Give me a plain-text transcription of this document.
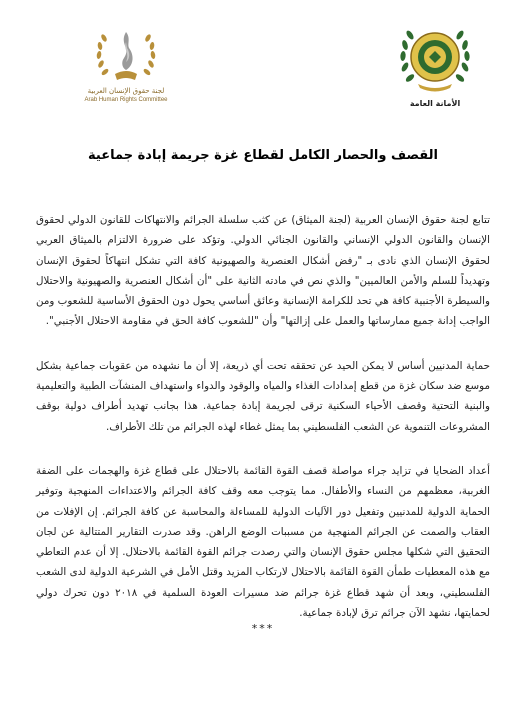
لجنة حقوق الإنسان العربية
Arab Human Rights Committee	الأمانة العامة
القصف والحصار الكامل لقطاع غزة جريمة إبادة جماعية

تتابع لجنة حقوق الإنسان العربية (لجنة الميثاق) عن كثب سلسلة الجرائم والانتهاكات للقانون الدولي لحقوق الإنسان والقانون الدولي الإنساني والقانون الجنائي الدولي. وتؤكد على ضرورة الالتزام بالميثاق العربي لحقوق الإنسان الذي نادى بـ "رفض أشكال العنصرية والصهيونية كافة التي تشكل انتهاكاً لحقوق الإنسان وتهديداً للسلم والأمن العالميين" والذي نص في مادته الثانية على "أن أشكال العنصرية والصهيونية والاحتلال والسيطرة الأجنبية كافة هي تحد للكرامة الإنسانية وعائق أساسي يحول دون الحقوق الأساسية للشعوب ومن الواجب إدانة جميع ممارساتها والعمل على إزالتها" وأن "للشعوب كافة الحق في مقاومة الاحتلال الأجنبي".

حماية المدنيين أساس لا يمكن الحيد عن تحققه تحت أي ذريعة، إلا أن ما نشهده من عقوبات جماعية بشكل موسع ضد سكان غزة من قطع إمدادات الغذاء والمياه والوقود والدواء واستهداف المنشآت الطبية والتعليمية والبنية التحتية وقصف الأحياء السكنية ترقى لجريمة إبادة جماعية. هذا بجانب تهديد أطراف دولية بوقف المشروعات التنموية عن الشعب الفلسطيني بما يمثل غطاء لهذه الجرائم من تلك الأطراف.

أعداد الضحايا في تزايد جراء مواصلة قصف القوة القائمة بالاحتلال على قطاع غزة والهجمات على الضفة الغربية، معظمهم من النساء والأطفال. مما يتوجب معه وقف كافة الجرائم والاعتداءات المنهجية وتوفير الحماية الدولية للمدنيين وتفعيل دور الآليات الدولية للمساءلة والمحاسبة عن كافة الجرائم. إن الإفلات من العقاب والصمت عن الجرائم المنهجية من مسببات الوضع الراهن. وقد صدرت التقارير المتتالية عن لجان التحقيق التي شكلها مجلس حقوق الإنسان والتي رصدت جرائم القوة القائمة بالاحتلال. إلا أن عدم التعاطي مع هذه المعطيات طمأن القوة القائمة بالاحتلال لارتكاب المزيد وقتل الأمل في الشرعية الدولية لدى الشعب الفلسطيني، وبعد أن شهد قطاع غزة جرائم ضد مسيرات العودة السلمية في ٢٠١٨ دون تحرك دولي لحمايتها، نشهد الآن جرائم ترق لإبادة جماعية.

***
